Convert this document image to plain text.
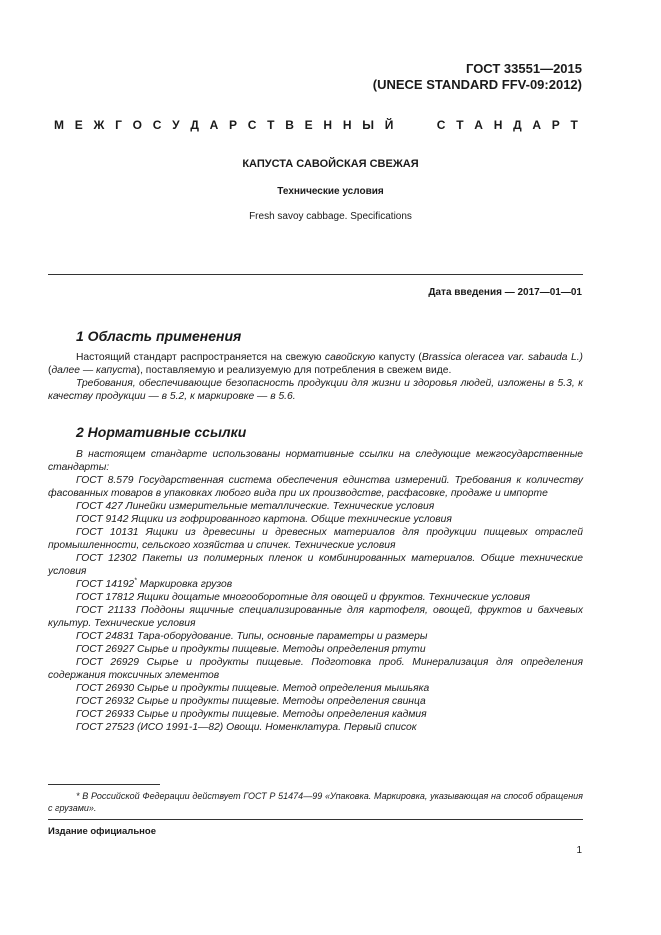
ГОСТ 33551—2015
(UNECE STANDARD FFV-09:2012)
М Е Ж Г О С У Д А Р С Т В Е Н Н Ы Й	С Т А Н Д А Р Т
КАПУСТА САВОЙСКАЯ СВЕЖАЯ
Технические условия
Fresh savoy cabbage. Specifications
Дата введения — 2017—01—01
1 Область применения

Настоящий стандарт распространяется на свежую савойскую капусту (Brassica oleracea var. sabauda L.) (далее — капуста), поставляемую и реализуемую для потребления в свежем виде.

Требования, обеспечивающие безопасность продукции для жизни и здоровья людей, изложены в 5.3, к качеству продукции — в 5.2, к маркировке — в 5.6.

2 Нормативные ссылки

В настоящем стандарте использованы нормативные ссылки на следующие межгосударственные стандарты:

ГОСТ 8.579 Государственная система обеспечения единства измерений. Требования к количеству фасованных товаров в упаковках любого вида при их производстве, расфасовке, продаже и импорте

ГОСТ 427 Линейки измерительные металлические. Технические условия

ГОСТ 9142 Ящики из гофрированного картона. Общие технические условия

ГОСТ 10131 Ящики из древесины и древесных материалов для продукции пищевых отраслей промышленности, сельского хозяйства и спичек. Технические условия

ГОСТ 12302 Пакеты из полимерных пленок и комбинированных материалов. Общие технические условия

ГОСТ 14192* Маркировка грузов

ГОСТ 17812 Ящики дощатые многооборотные для овощей и фруктов. Технические условия

ГОСТ 21133 Поддоны ящичные специализированные для картофеля, овощей, фруктов и бахчевых культур. Технические условия

ГОСТ 24831 Тара-оборудование. Типы, основные параметры и размеры

ГОСТ 26927 Сырье и продукты пищевые. Методы определения ртути

ГОСТ 26929 Сырье и продукты пищевые. Подготовка проб. Минерализация для определения содержания токсичных элементов

ГОСТ 26930 Сырье и продукты пищевые. Метод определения мышьяка

ГОСТ 26932 Сырье и продукты пищевые. Методы определения свинца

ГОСТ 26933 Сырье и продукты пищевые. Методы определения кадмия

ГОСТ 27523 (ИСО 1991-1—82) Овощи. Номенклатура. Первый список

* В Российской Федерации действует ГОСТ Р 51474—99 «Упаковка. Маркировка, указывающая на способ обращения с грузами».

Издание официальное
1
